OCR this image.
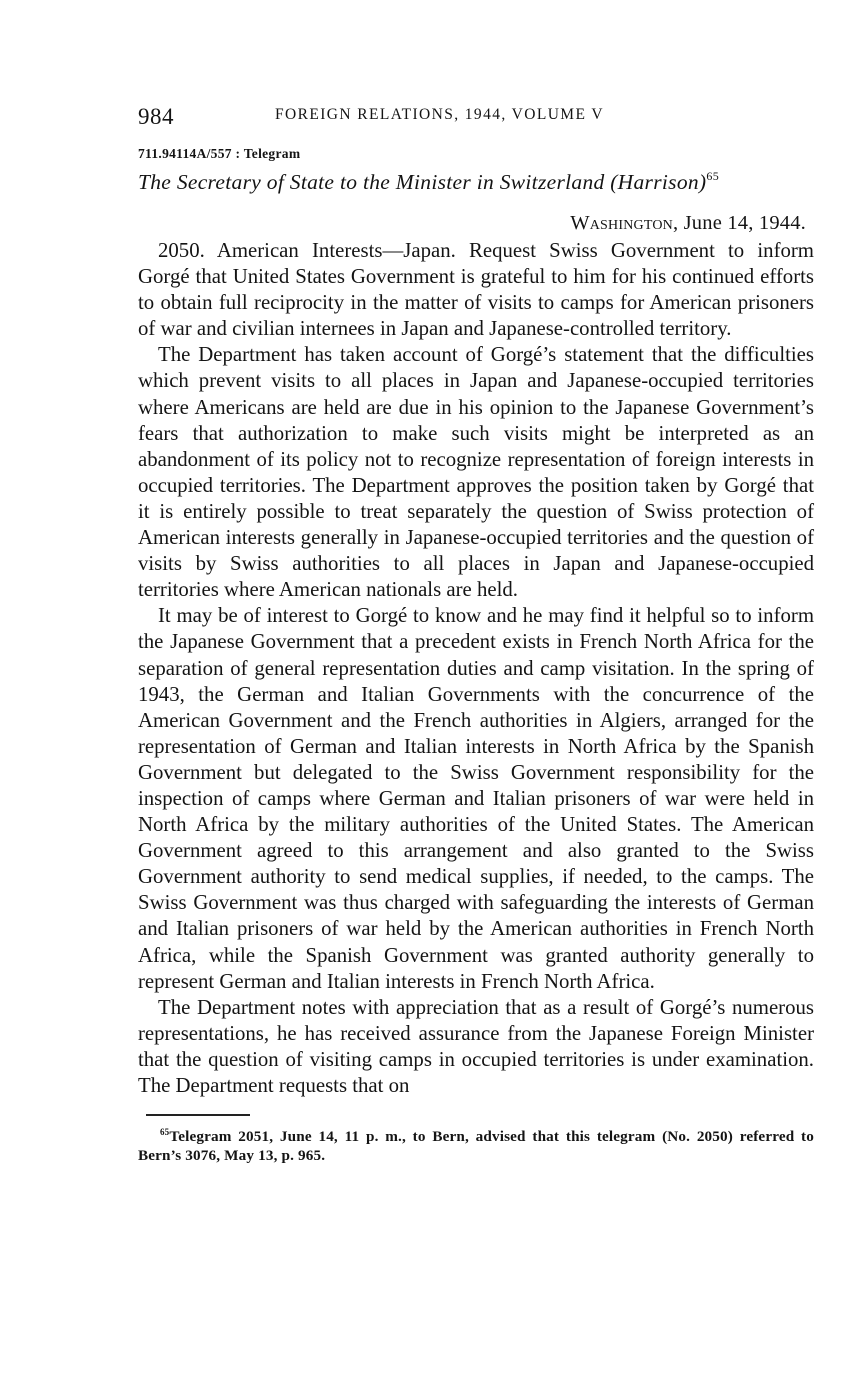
984	FOREIGN RELATIONS, 1944, VOLUME V
711.94114A/557 : Telegram
The Secretary of State to the Minister in Switzerland (Harrison)$^{65}$
Washington, June 14, 1944.

2050. American Interests—Japan. Request Swiss Government to inform Gorgé that United States Government is grateful to him for his continued efforts to obtain full reciprocity in the matter of visits to camps for American prisoners of war and civilian internees in Japan and Japanese-controlled territory.

The Department has taken account of Gorgé’s statement that the difficulties which prevent visits to all places in Japan and Japanese-occupied territories where Americans are held are due in his opinion to the Japanese Government’s fears that authorization to make such visits might be interpreted as an abandonment of its policy not to recognize representation of foreign interests in occupied territories. The Department approves the position taken by Gorgé that it is entirely possible to treat separately the question of Swiss protection of American interests generally in Japanese-occupied territories and the question of visits by Swiss authorities to all places in Japan and Japanese-occupied territories where American nationals are held.

It may be of interest to Gorgé to know and he may find it helpful so to inform the Japanese Government that a precedent exists in French North Africa for the separation of general representation duties and camp visitation. In the spring of 1943, the German and Italian Governments with the concurrence of the American Government and the French authorities in Algiers, arranged for the representation of German and Italian interests in North Africa by the Spanish Government but delegated to the Swiss Government responsibility for the inspection of camps where German and Italian prisoners of war were held in North Africa by the military authorities of the United States. The American Government agreed to this arrangement and also granted to the Swiss Government authority to send medical supplies, if needed, to the camps. The Swiss Government was thus charged with safeguarding the interests of German and Italian prisoners of war held by the American authorities in French North Africa, while the Spanish Government was granted authority generally to represent German and Italian interests in French North Africa.

The Department notes with appreciation that as a result of Gorgé’s numerous representations, he has received assurance from the Japanese Foreign Minister that the question of visiting camps in occupied territories is under examination. The Department requests that on

$^{65}$Telegram 2051, June 14, 11 p. m., to Bern, advised that this telegram (No. 2050) referred to Bern’s 3076, May 13, p. 965.
